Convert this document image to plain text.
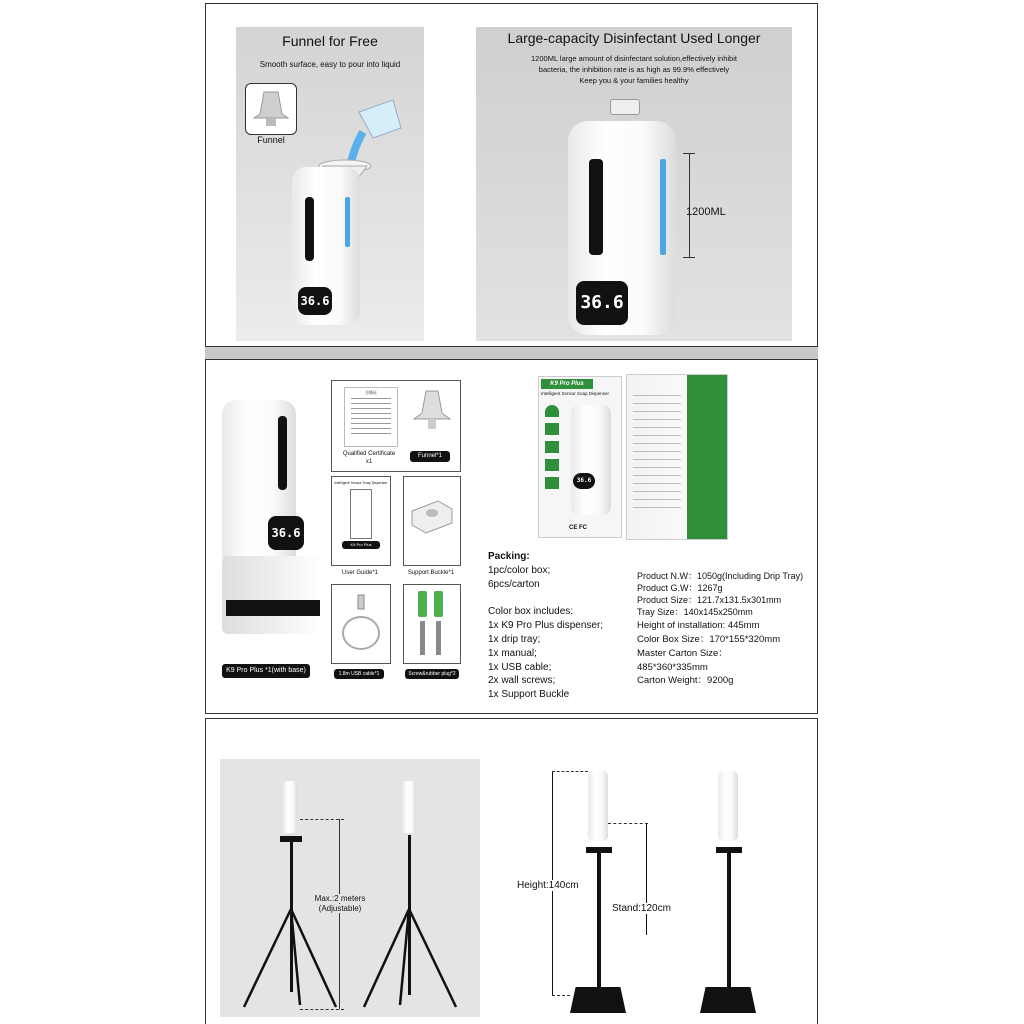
Funnel for Free
Smooth surface, easy to pour into liquid
Funnel
36.6
Large-capacity Disinfectant Used Longer
1200ML large amount of disinfectant solution,effectively inhibit
bacteria, the inhibition rate is as high as 99.9% effectively
Keep you & your families healthy
36.6
1200ML
36.6
K9 Pro Plus *1(with base)
合格证
Qualified Certificate
x1
Funnel*1
Intelligent Sensor Soap Dispenser
K9 Pro Plus
User Guide*1	Support Buckle*1
1.8m USB cable*1	Screw&rubber plug*2
K9 Pro Plus
Intelligent Sensor Soap Dispenser
36.6
CE FC
Packing:
1pc/color box;
6pcs/carton
Color box includes:
1x K9 Pro Plus dispenser;
1x drip tray;
1x manual;
1x USB cable;
2x wall screws;
1x Support Buckle
Product N.W：1050g(Including Drip Tray)
Product G.W：1267g
Product Size：121.7x131.5x301mm
Tray Size：140x145x250mm
Height of installation: 445mm
Color Box Size：170*155*320mm
Master Carton Size：
485*360*335mm
Carton Weight：9200g
Max.:2 meters
(Adjustable)
Height:140cm
Stand:120cm
